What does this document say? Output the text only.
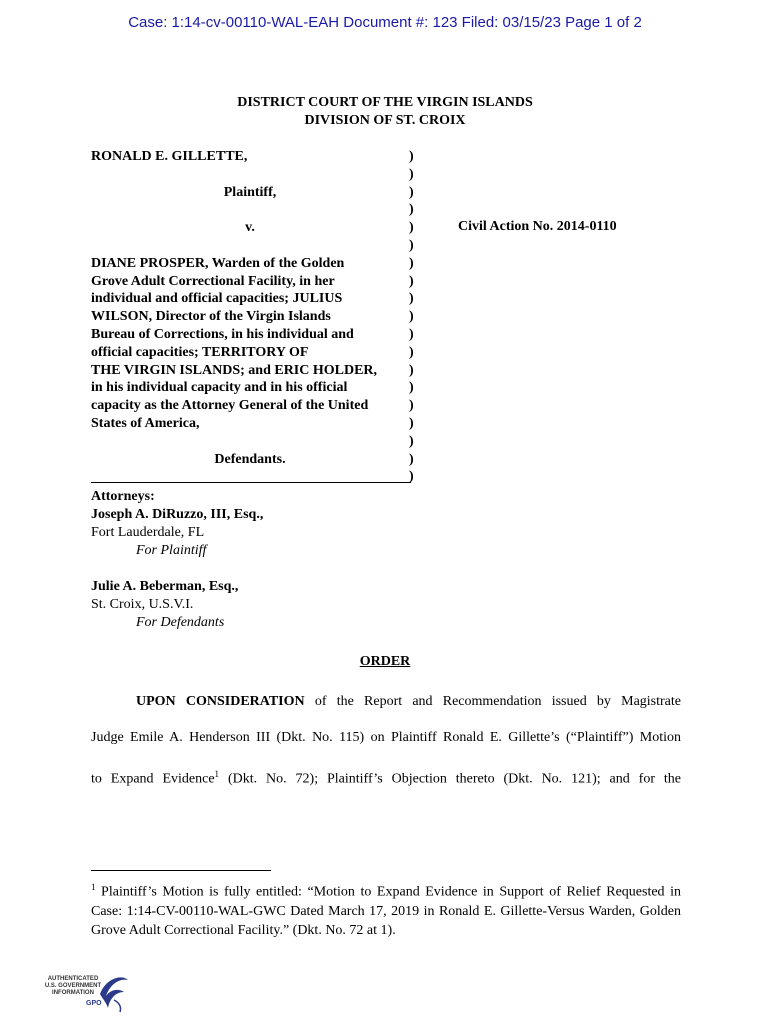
Case: 1:14-cv-00110-WAL-EAH Document #: 123 Filed: 03/15/23 Page 1 of 2
DISTRICT COURT OF THE VIRGIN ISLANDS
DIVISION OF ST. CROIX

RONALD E. GILLETTE,

Plaintiff,

v.

DIANE PROSPER, Warden of the Golden

Grove Adult Correctional Facility, in her

individual and official capacities; JULIUS

WILSON, Director of the Virgin Islands

Bureau of Corrections, in his individual and

official capacities; TERRITORY OF

THE VIRGIN ISLANDS; and ERIC HOLDER,

in his individual capacity and in his official

capacity as the Attorney General of the United

States of America,

Defendants.

)
)
)
)
)
)
)
)
)
)
)
)
)
)
)
)
)
)
)
Civil Action No. 2014-0110

Attorneys:

Joseph A. DiRuzzo, III, Esq.,

Fort Lauderdale, FL

For Plaintiff

Julie A. Beberman, Esq.,

St. Croix, U.S.V.I.

For Defendants

ORDER

UPON CONSIDERATION of the Report and Recommendation issued by Magistrate

Judge Emile A. Henderson III (Dkt. No. 115) on Plaintiff Ronald E. Gillette’s (“Plaintiff”) Motion

to Expand Evidence$^1$ (Dkt. No. 72); Plaintiff’s Objection thereto (Dkt. No. 121); and for the

$^1$ Plaintiff’s Motion is fully entitled: “Motion to Expand Evidence in Support of Relief Requested in Case: 1:14-CV-00110-WAL-GWC Dated March 17, 2019 in Ronald E. Gillette-Versus Warden, Golden Grove Adult Correctional Facility.” (Dkt. No. 72 at 1).

AUTHENTICATED
U.S. GOVERNMENT
INFORMATION
GPO
